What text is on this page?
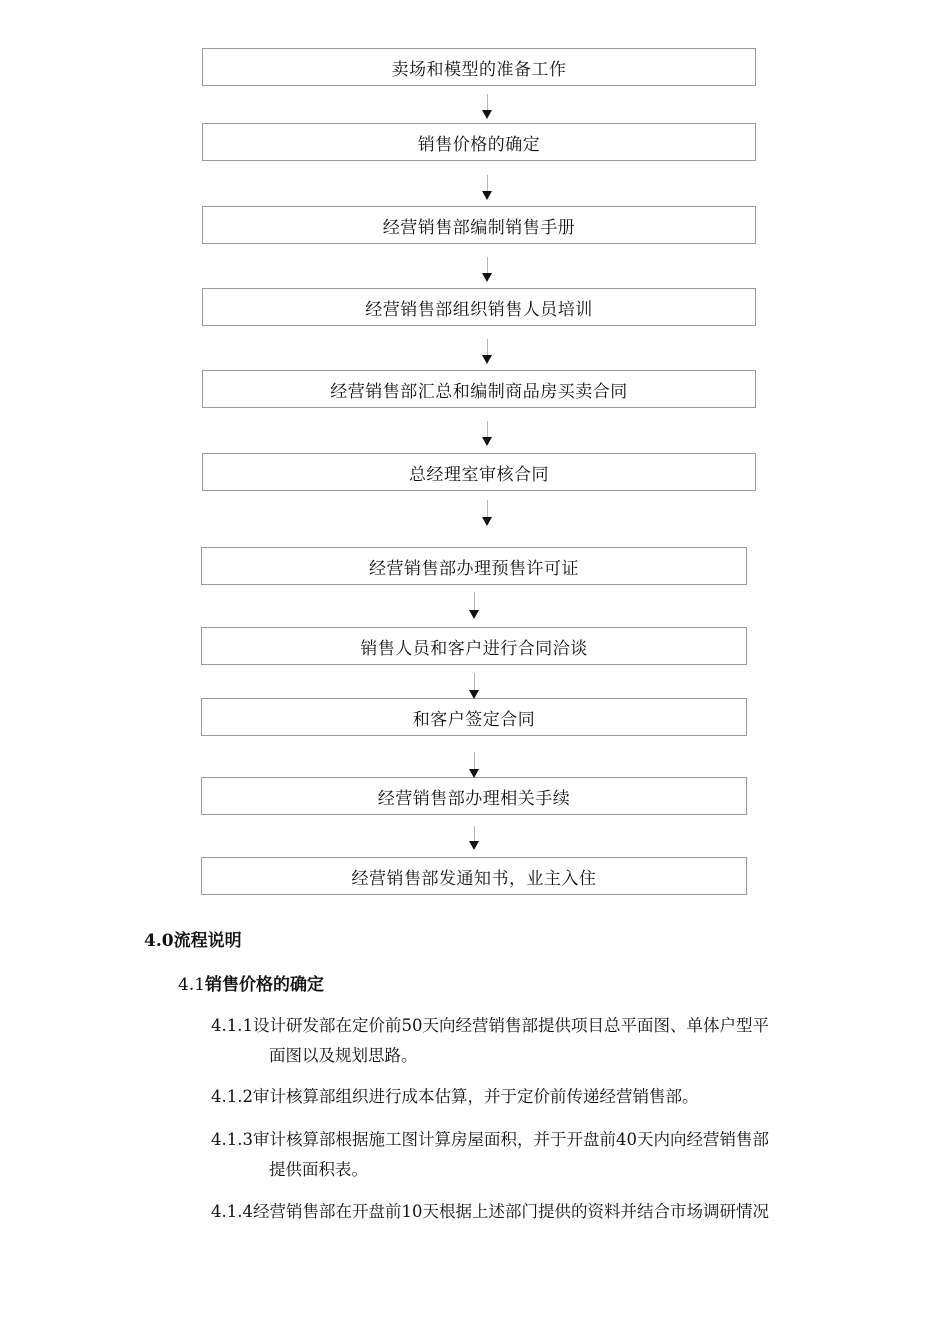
卖场和模型的准备工作
销售价格的确定
经营销售部编制销售手册
经营销售部组织销售人员培训
经营销售部汇总和编制商品房买卖合同
总经理室审核合同
经营销售部办理预售许可证
销售人员和客户进行合同洽谈
和客户签定合同
经营销售部办理相关手续
经营销售部发通知书，业主入住
4.0流程说明
4.1销售价格的确定
4.1.1设计研发部在定价前50天向经营销售部提供项目总平面图、单体户型平
面图以及规划思路。
4.1.2审计核算部组织进行成本估算，并于定价前传递经营销售部。
4.1.3审计核算部根据施工图计算房屋面积，并于开盘前40天内向经营销售部
提供面积表。
4.1.4经营销售部在开盘前10天根据上述部门提供的资料并结合市场调研情况
